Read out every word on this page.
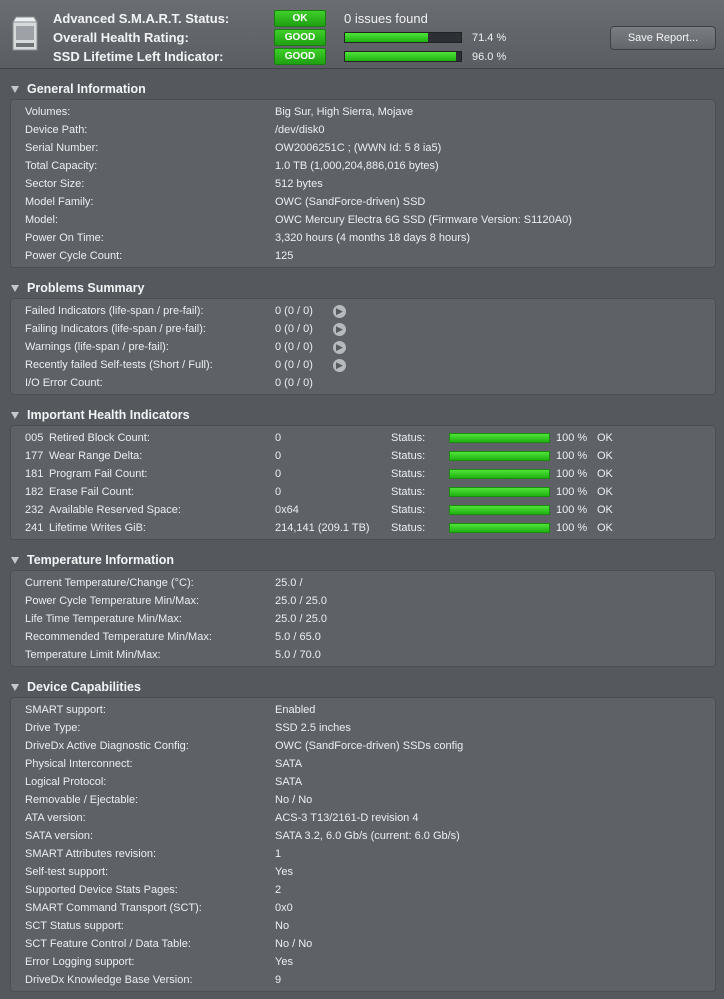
Advanced S.M.A.R.T. Status:	OK	0 issues found
Overall Health Rating:	GOOD	71.4 %
SSD Lifetime Left Indicator:	GOOD	96.0 %
Save Report...
General Information
Volumes:	Big Sur, High Sierra, Mojave
Device Path:	/dev/disk0
Serial Number:	OW2006251C ; (WWN Id: 5 8 ia5)
Total Capacity:	1.0 TB (1,000,204,886,016 bytes)
Sector Size:	512 bytes
Model Family:	OWC (SandForce-driven) SSD
Model:	OWC Mercury Electra 6G SSD (Firmware Version: S1120A0)
Power On Time:	3,320 hours (4 months 18 days 8 hours)
Power Cycle Count:	125
Problems Summary
Failed Indicators (life-span / pre-fail):	0 (0 / 0)	▶
Failing Indicators (life-span / pre-fail):	0 (0 / 0)	▶
Warnings (life-span / pre-fail):	0 (0 / 0)	▶
Recently failed Self-tests (Short / Full):	0 (0 / 0)	▶
I/O Error Count:	0 (0 / 0)
Important Health Indicators
005 Retired Block Count:	0	Status:	100 % OK
177 Wear Range Delta:	0	Status:	100 % OK
181 Program Fail Count:	0	Status:	100 % OK
182 Erase Fail Count:	0	Status:	100 % OK
232 Available Reserved Space:	0x64	Status:	100 % OK
241 Lifetime Writes GiB:	214,141 (209.1 TB) Status:	100 % OK
Temperature Information
Current Temperature/Change (°C):	25.0 /
Power Cycle Temperature Min/Max:	25.0 / 25.0
Life Time Temperature Min/Max:	25.0 / 25.0
Recommended Temperature Min/Max:	5.0 / 65.0
Temperature Limit Min/Max:	5.0 / 70.0
Device Capabilities
SMART support:	Enabled
Drive Type:	SSD 2.5 inches
DriveDx Active Diagnostic Config:	OWC (SandForce-driven) SSDs config
Physical Interconnect:	SATA
Logical Protocol:	SATA
Removable / Ejectable:	No / No
ATA version:	ACS-3 T13/2161-D revision 4
SATA version:	SATA 3.2, 6.0 Gb/s (current: 6.0 Gb/s)
SMART Attributes revision:	1
Self-test support:	Yes
Supported Device Stats Pages:	2
SMART Command Transport (SCT):	0x0
SCT Status support:	No
SCT Feature Control / Data Table:	No / No
Error Logging support:	Yes
DriveDx Knowledge Base Version:	9
